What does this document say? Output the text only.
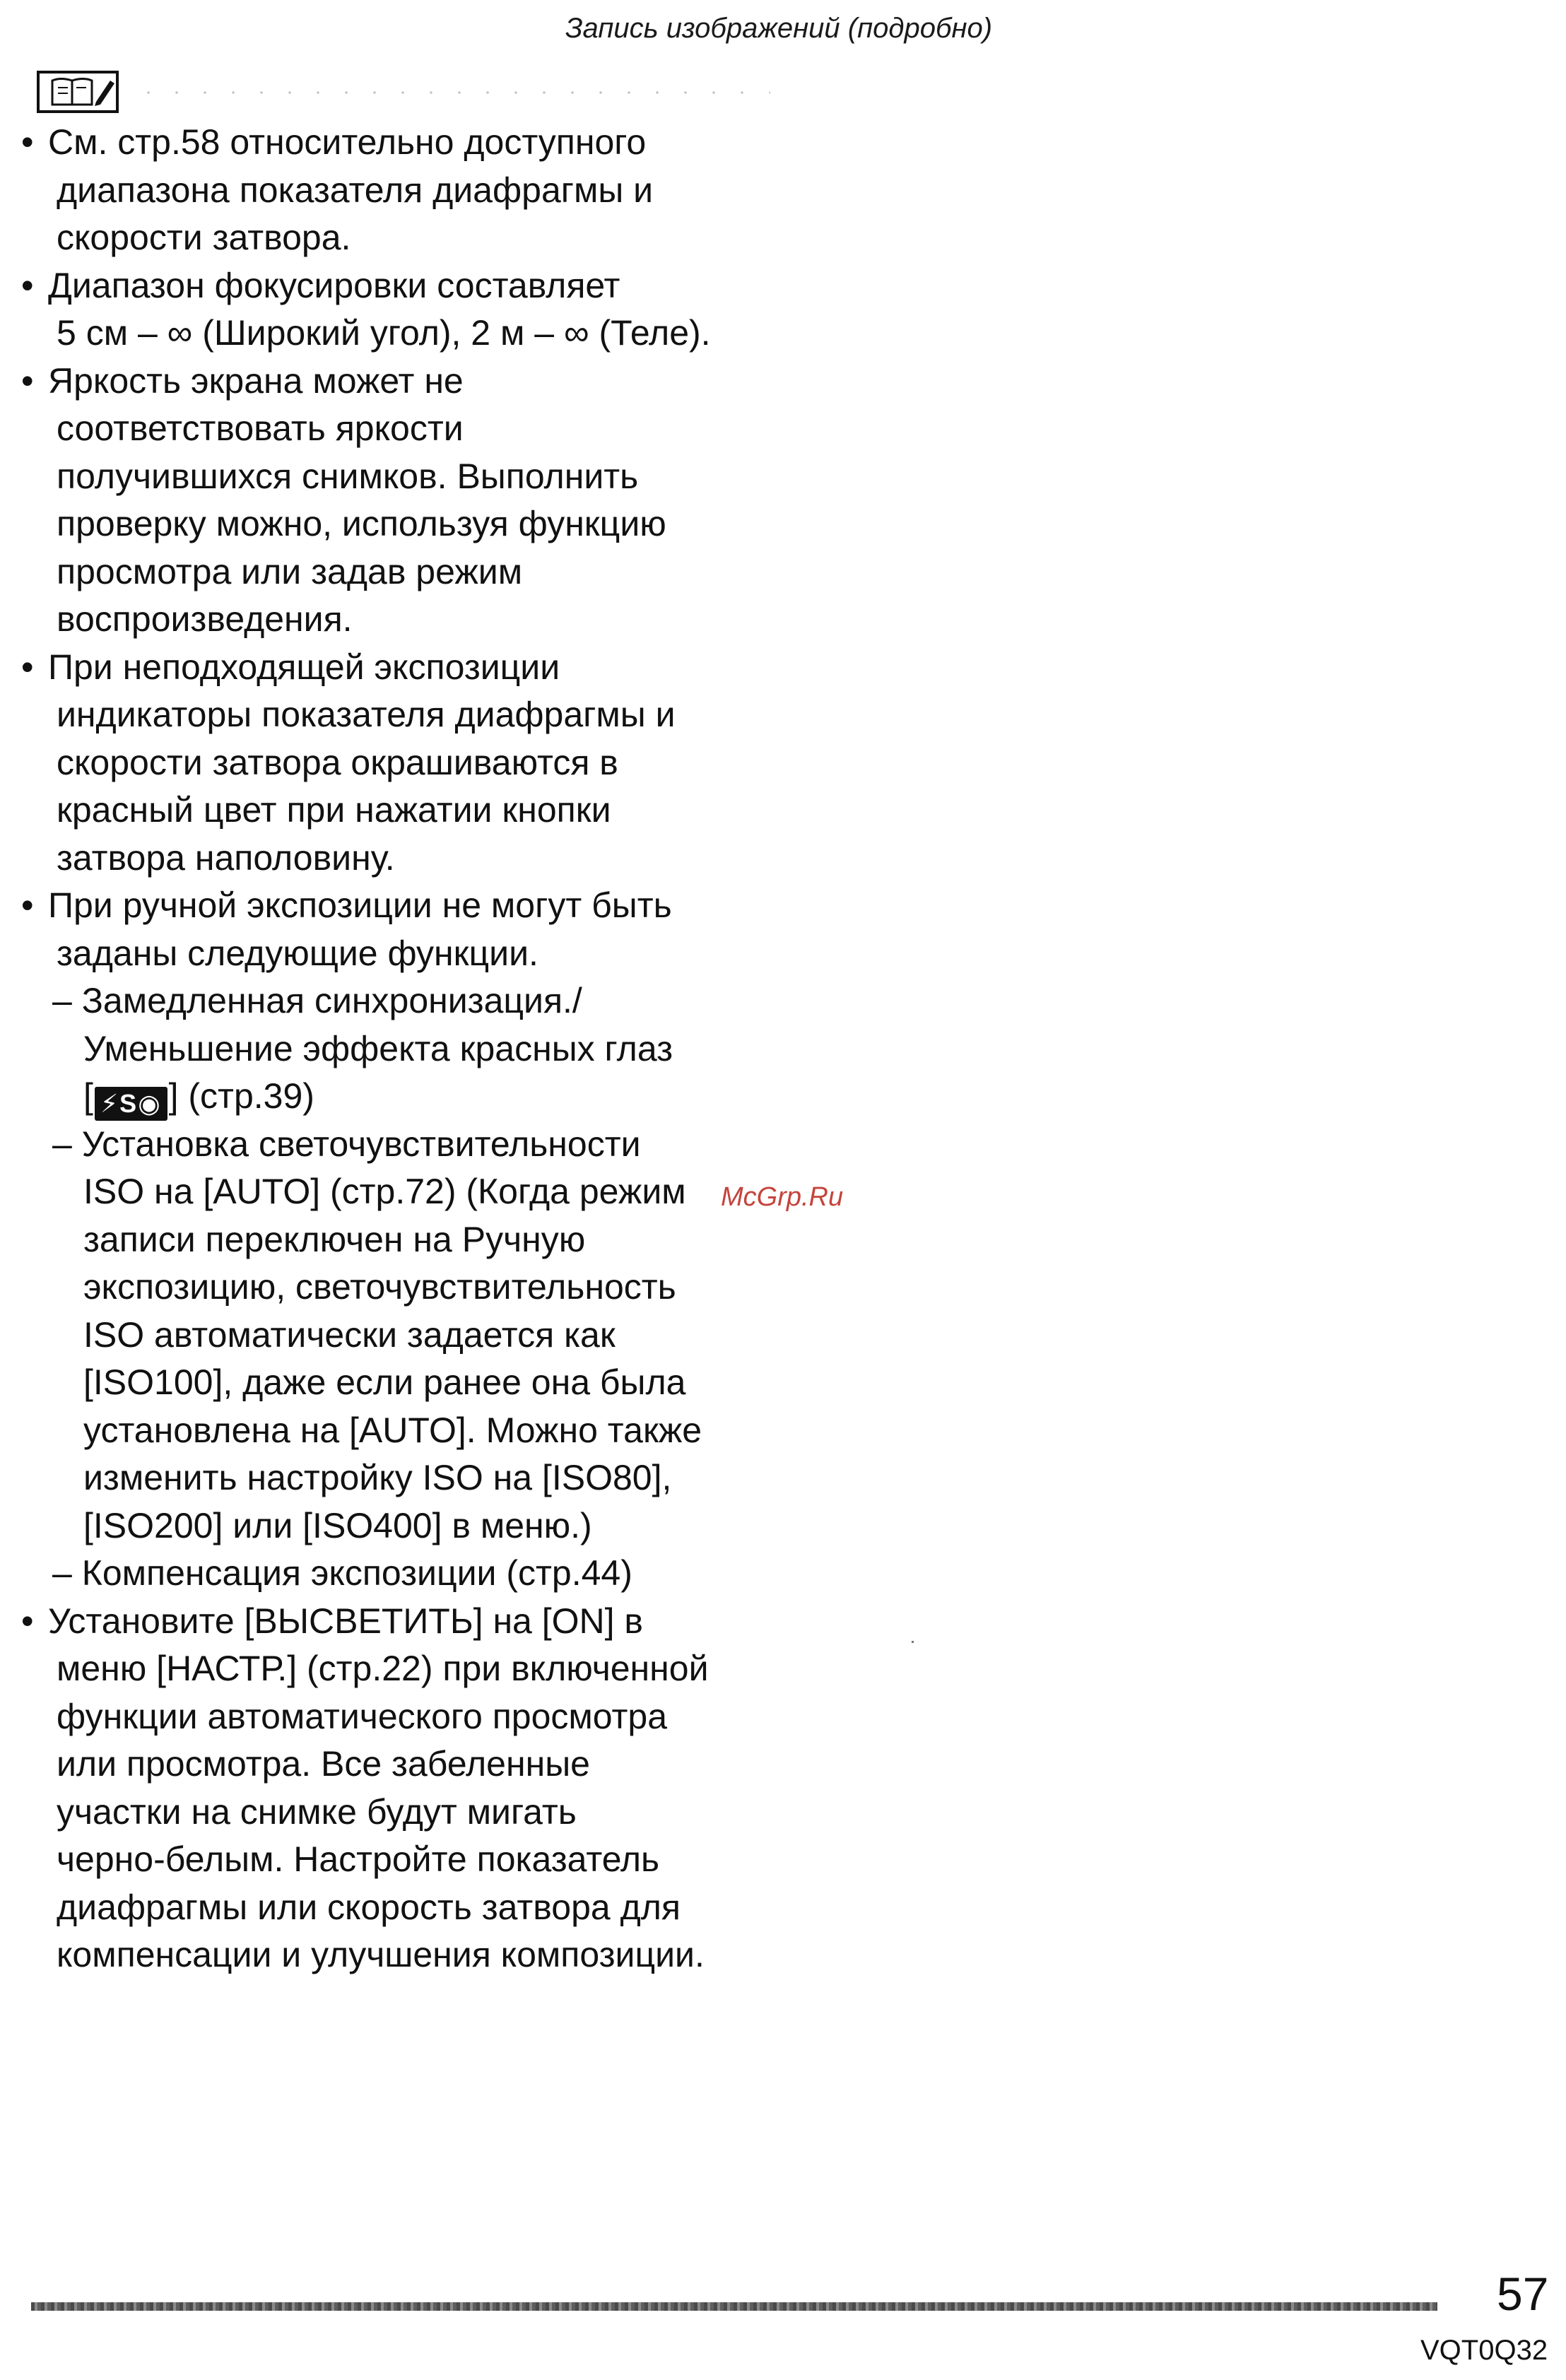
Запись изображений (подробно)
• См. стр.58 относительно доступного
диапазона показателя диафрагмы и
скорости затвора.
• Диапазон фокусировки составляет
5 см – ∞ (Широкий угол), 2 м – ∞ (Теле).
• Яркость экрана может не
соответствовать яркости
получившихся снимков. Выполнить
проверку можно, используя функцию
просмотра или задав режим
воспроизведения.
• При неподходящей экспозиции
индикаторы показателя диафрагмы и
скорости затвора окрашиваются в
красный цвет при нажатии кнопки
затвора наполовину.
• При ручной экспозиции не могут быть
заданы следующие функции.
– Замедленная синхронизация./
Уменьшение эффекта красных глаз
[ ⚡S◉ ] (стр.39)
– Установка светочувствительности
ISO на [AUTO] (стр.72) (Когда режим
записи переключен на Ручную
экспозицию, светочувствительность
ISO автоматически задается как
[ISO100], даже если ранее она была
установлена на [AUTO]. Можно также
изменить настройку ISO на [ISO80],
[ISO200] или [ISO400] в меню.)
– Компенсация экспозиции (стр.44)
• Установите [ВЫСВЕТИТЬ] на [ON] в
меню [НАСТР.] (стр.22) при включенной
функции автоматического просмотра
или просмотра. Все забеленные
участки на снимке будут мигать
черно-белым. Настройте показатель
диафрагмы или скорость затвора для
компенсации и улучшения композиции.
McGrp.Ru
57
VQT0Q32
